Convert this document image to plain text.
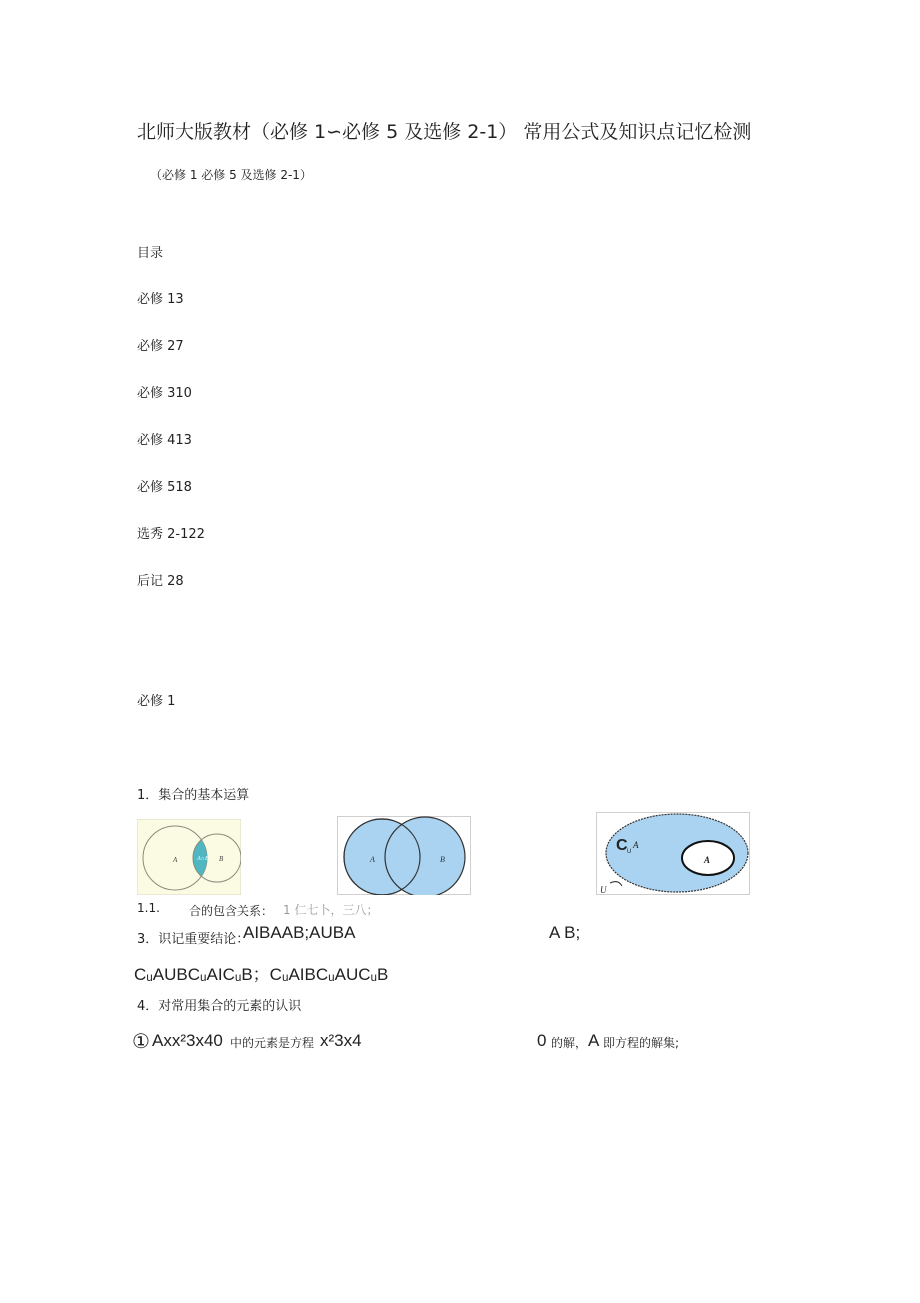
北师大版教材（必修 1∽必修 5 及选修 2-1） 常用公式及知识点记忆检测
（必修 1 必修 5 及选修 2-1）
目录
必修 13
必修 27
必修 310
必修 413
必修 518
选秀 2-122
后记 28
必修 1
1．集合的基本运算
A	A∩B B	A	B
C U
A
A
U
1.1. 合的包含关系： 1 仁七卜，三八；
3．识记重要结论：
AIBAAB;AUBA	A B;
CᵤAUBCᵤAICᵤB；CᵤAIBCᵤAUCᵤB
4．对常用集合的元素的认识
① Axx²3x40 中的元素是方程 x²3x4	0 的解， A 即方程的解集;
